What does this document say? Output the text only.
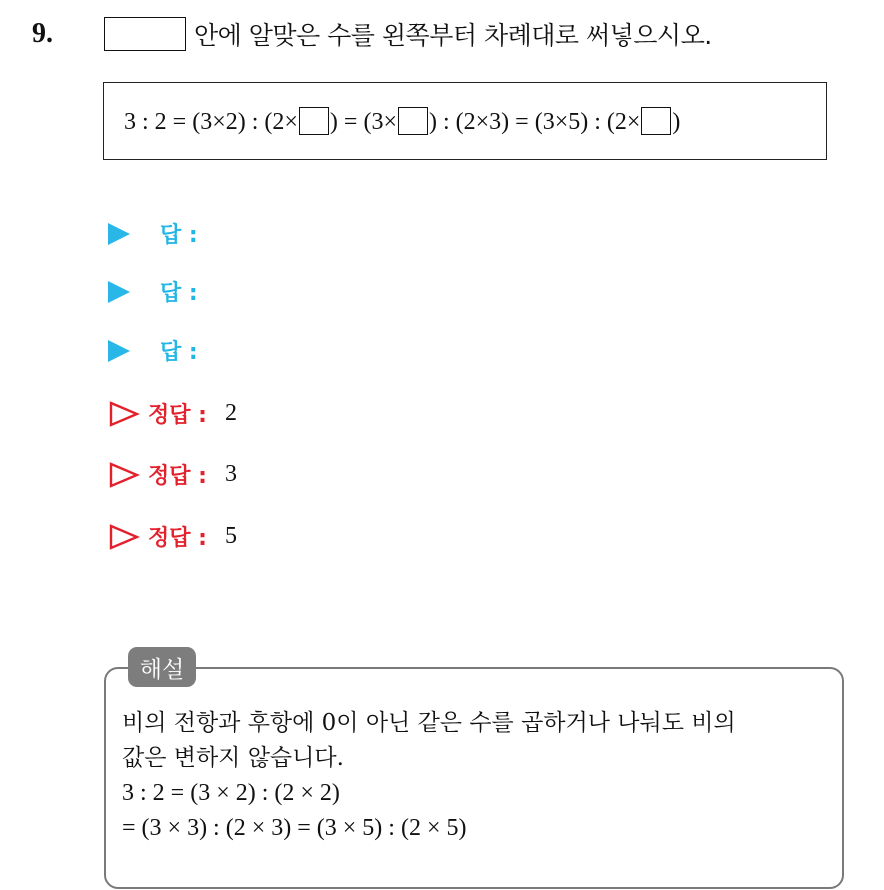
9.	안에 알맞은 수를 왼쪽부터 차례대로 써넣으시오.
3 : 2 = (3×2) : (2× ) = (3× ) : (2×3) = (3×5) : (2× )
답 :
답 :
답 :
정답 : 2
정답 : 3
정답 : 5
해설
비의 전항과 후항에 0이 아닌 같은 수를 곱하거나 나눠도 비의
값은 변하지 않습니다.
3 : 2 = (3 × 2) : (2 × 2)
= (3 × 3) : (2 × 3) = (3 × 5) : (2 × 5)
